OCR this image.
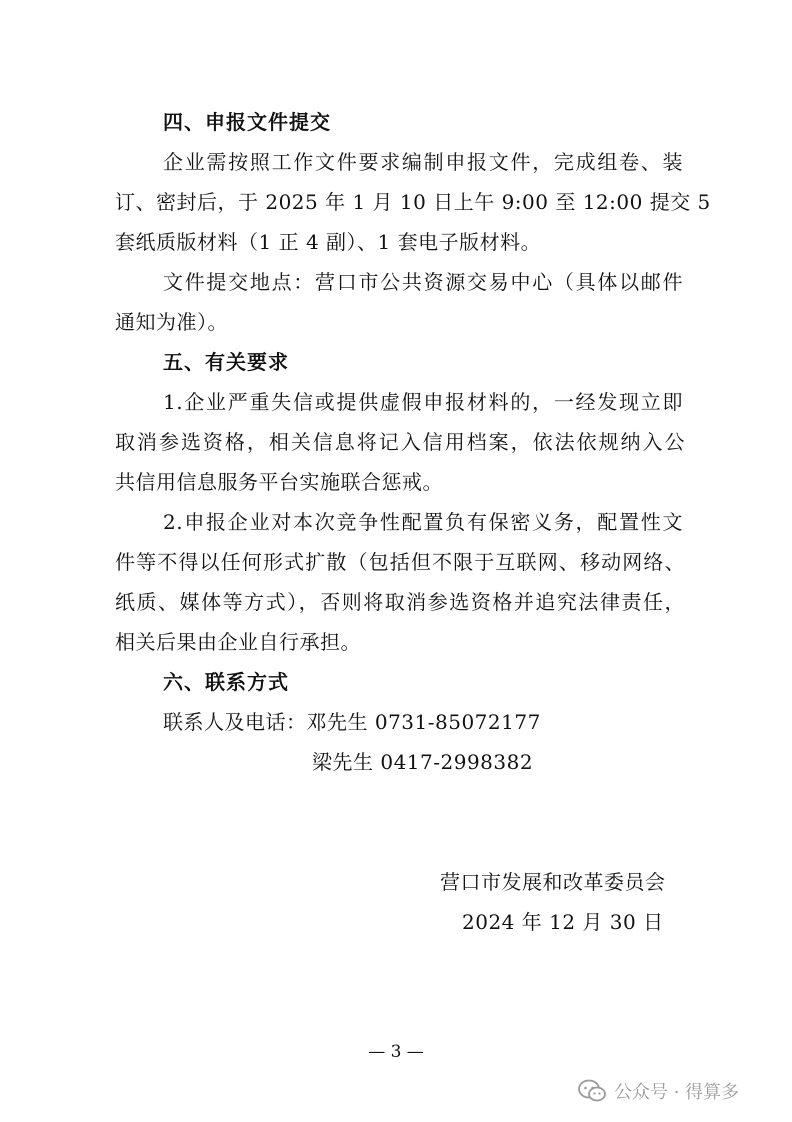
四、申报文件提交
企业需按照工作文件要求编制申报文件，完成组卷、装
订、密封后，于 2025 年 1 月 10 日上午 9:00 至 12:00 提交 5
套纸质版材料（1 正 4 副）、1 套电子版材料。
文件提交地点：营口市公共资源交易中心（具体以邮件
通知为准）。
五、有关要求
1.企业严重失信或提供虚假申报材料的，一经发现立即
取消参选资格，相关信息将记入信用档案，依法依规纳入公
共信用信息服务平台实施联合惩戒。
2.申报企业对本次竞争性配置负有保密义务，配置性文
件等不得以任何形式扩散（包括但不限于互联网、移动网络、
纸质、媒体等方式），否则将取消参选资格并追究法律责任，
相关后果由企业自行承担。
六、联系方式
联系人及电话：邓先生 0731-85072177
梁先生 0417-2998382
营口市发展和改革委员会
2024 年 12 月 30 日
— 3 —
公众号 · 得算多
